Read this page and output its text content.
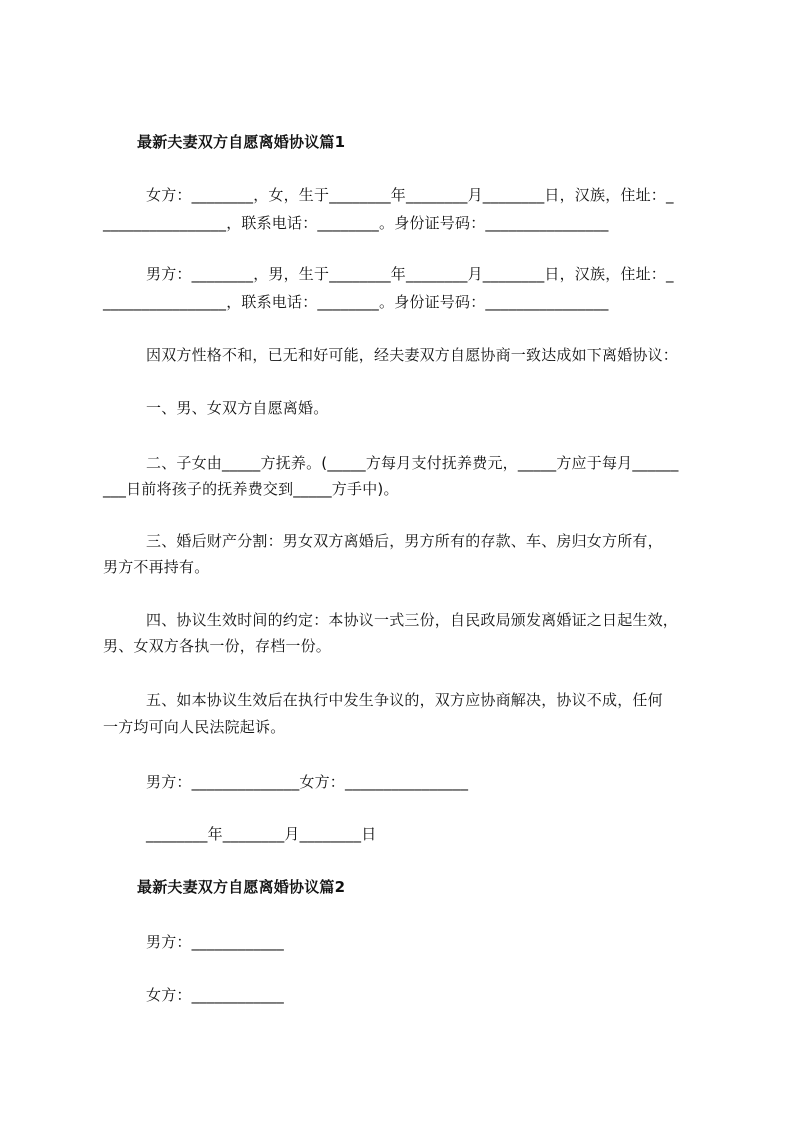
最新夫妻双方自愿离婚协议篇1
女方：________，女，生于________年________月________日，汉族，住址：_
________________，联系电话：________。身份证号码：________________
男方：________，男，生于________年________月________日，汉族，住址：_
________________，联系电话：________。身份证号码：________________
因双方性格不和，已无和好可能，经夫妻双方自愿协商一致达成如下离婚协议：
一、男、女双方自愿离婚。
二、子女由_____方抚养。(_____方每月支付抚养费元，_____方应于每月______
___日前将孩子的抚养费交到_____方手中)。
三、婚后财产分割：男女双方离婚后，男方所有的存款、车、房归女方所有，
男方不再持有。
四、协议生效时间的约定：本协议一式三份，自民政局颁发离婚证之日起生效，
男、女双方各执一份，存档一份。
五、如本协议生效后在执行中发生争议的，双方应协商解决，协议不成，任何
一方均可向人民法院起诉。
男方：______________女方：________________
________年________月________日
最新夫妻双方自愿离婚协议篇2
男方：____________
女方：____________
